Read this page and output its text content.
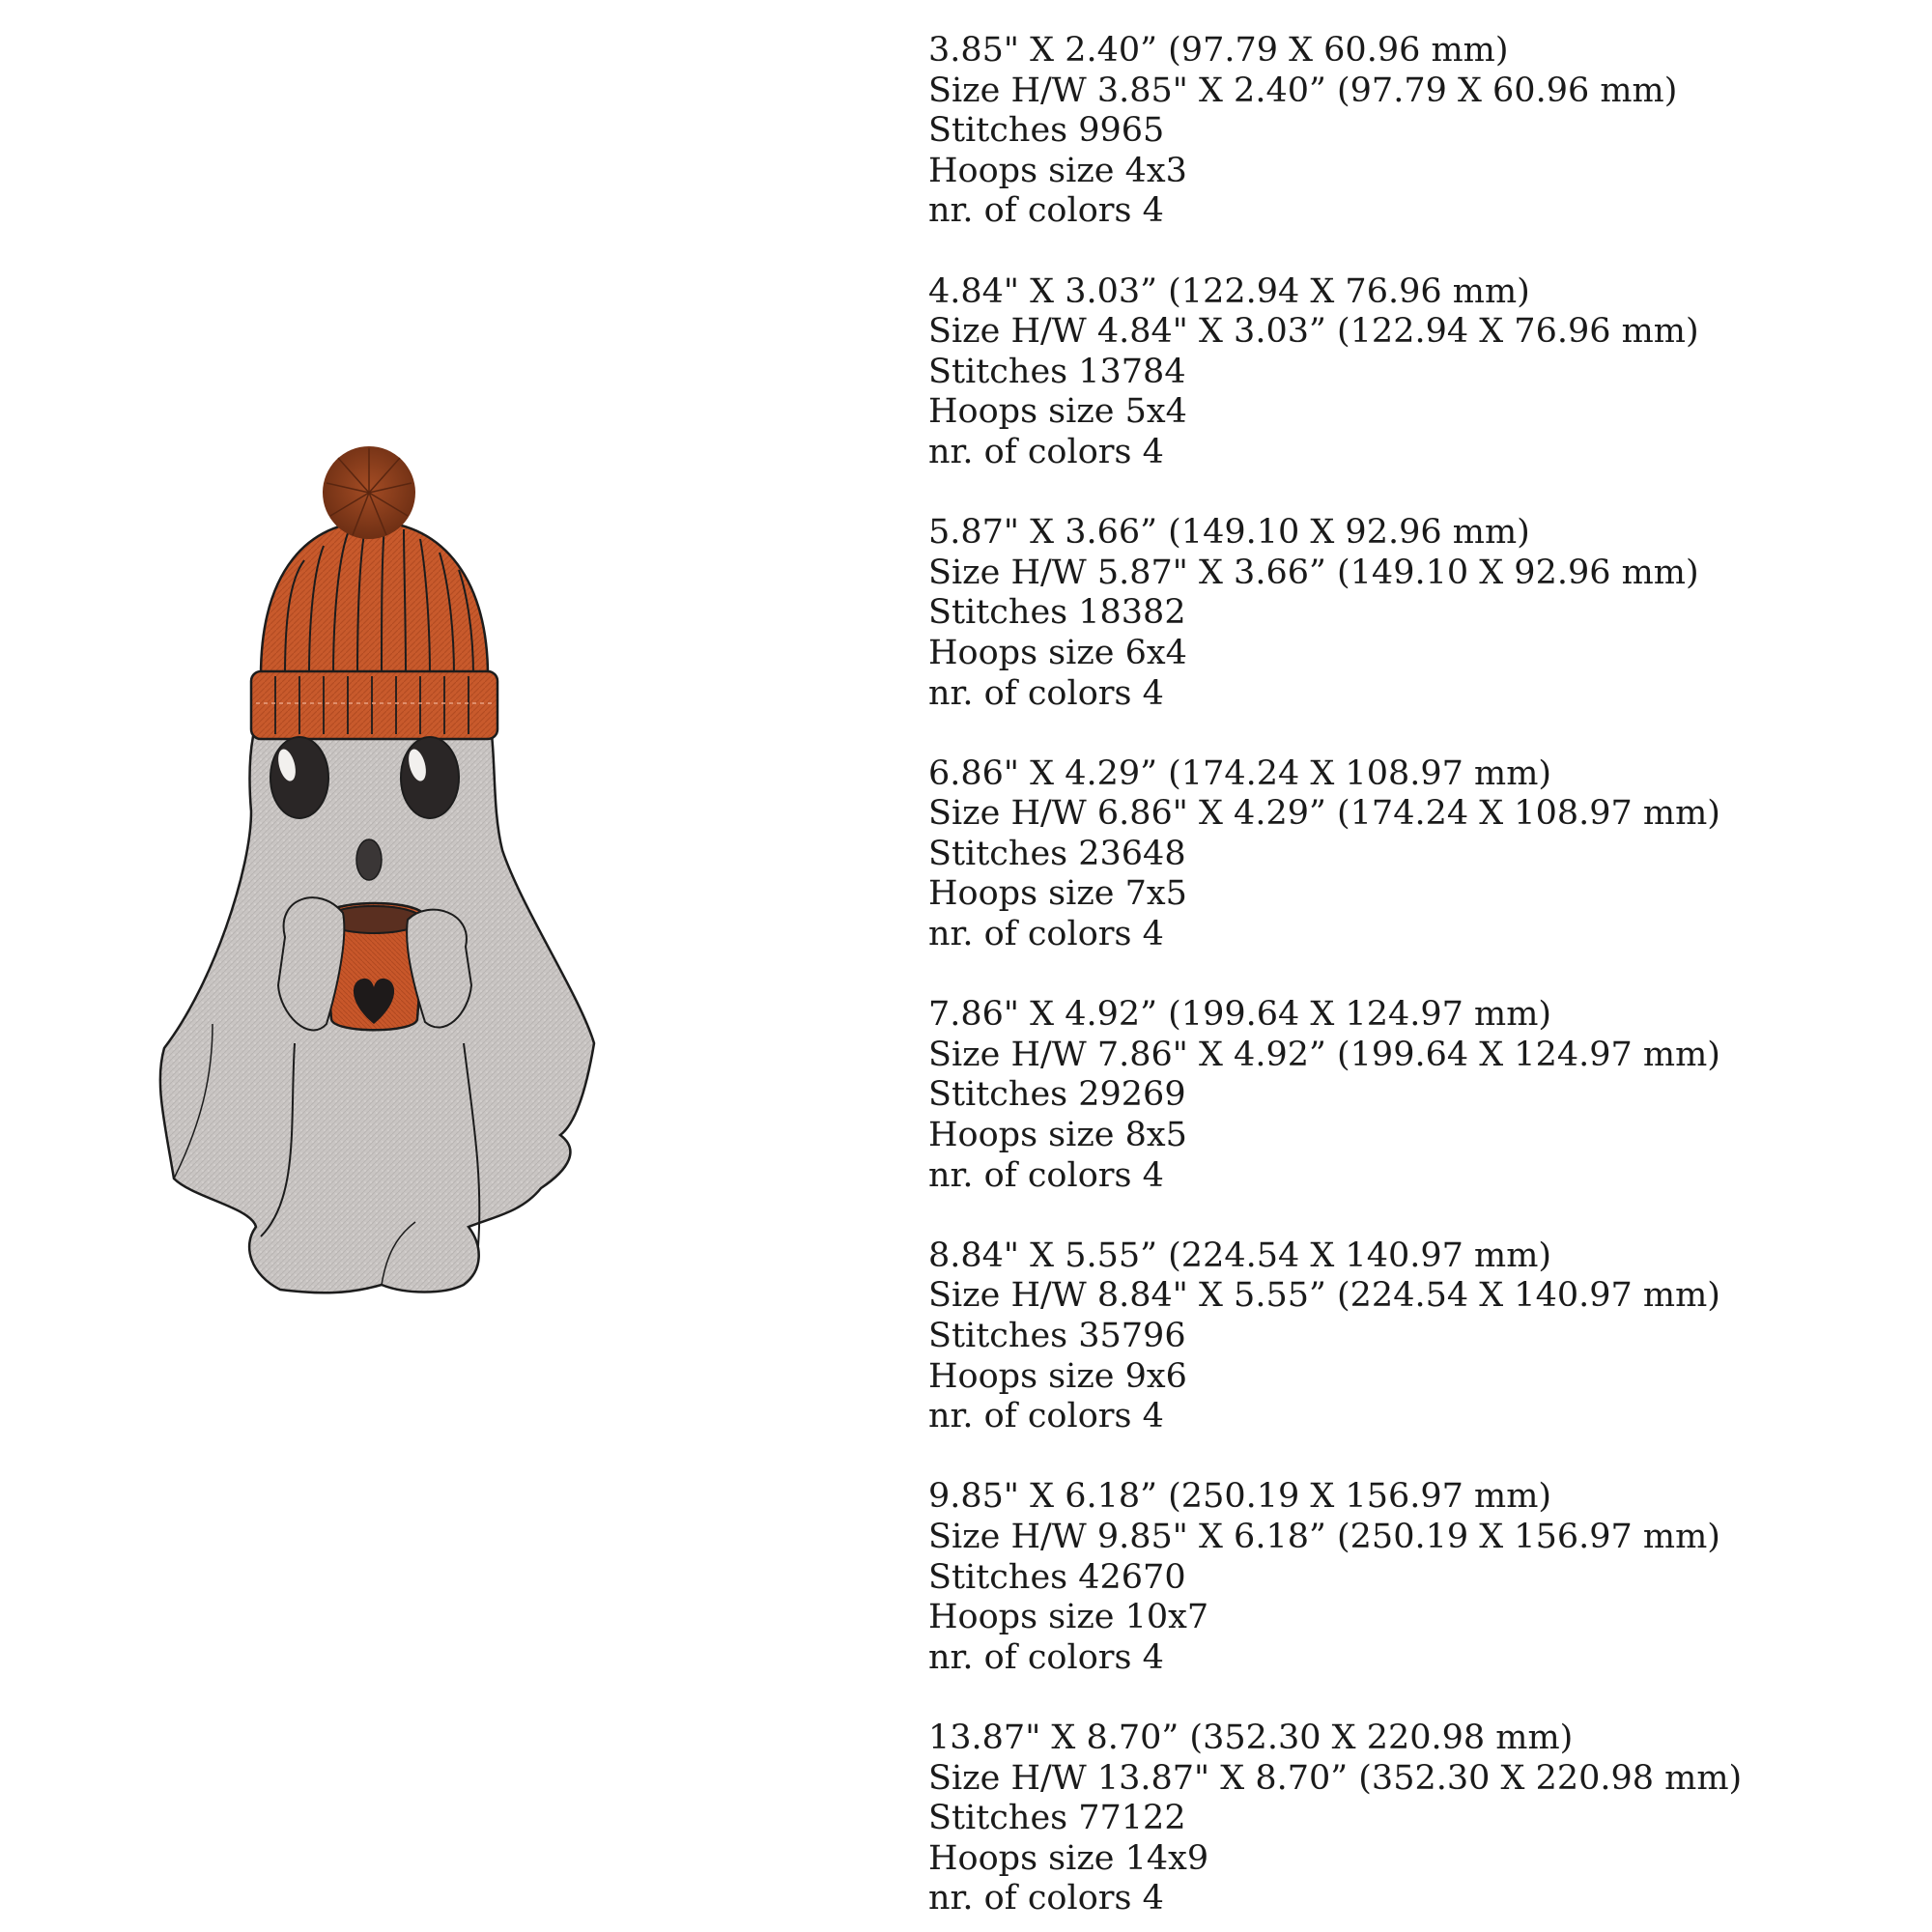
3.85" X 2.40” (97.79 X 60.96 mm)
Size H/W 3.85" X 2.40” (97.79 X 60.96 mm)
Stitches 9965
Hoops size 4x3
nr. of colors 4
4.84" X 3.03” (122.94 X 76.96 mm)
Size H/W 4.84" X 3.03” (122.94 X 76.96 mm)
Stitches 13784
Hoops size 5x4
nr. of colors 4
5.87" X 3.66” (149.10 X 92.96 mm)
Size H/W 5.87" X 3.66” (149.10 X 92.96 mm)
Stitches 18382
Hoops size 6x4
nr. of colors 4
6.86" X 4.29” (174.24 X 108.97 mm)
Size H/W 6.86" X 4.29” (174.24 X 108.97 mm)
Stitches 23648
Hoops size 7x5
nr. of colors 4
7.86" X 4.92” (199.64 X 124.97 mm)
Size H/W 7.86" X 4.92” (199.64 X 124.97 mm)
Stitches 29269
Hoops size 8x5
nr. of colors 4
8.84" X 5.55” (224.54 X 140.97 mm)
Size H/W 8.84" X 5.55” (224.54 X 140.97 mm)
Stitches 35796
Hoops size 9x6
nr. of colors 4
9.85" X 6.18” (250.19 X 156.97 mm)
Size H/W 9.85" X 6.18” (250.19 X 156.97 mm)
Stitches 42670
Hoops size 10x7
nr. of colors 4
13.87" X 8.70” (352.30 X 220.98 mm)
Size H/W 13.87" X 8.70” (352.30 X 220.98 mm)
Stitches 77122
Hoops size 14x9
nr. of colors 4
